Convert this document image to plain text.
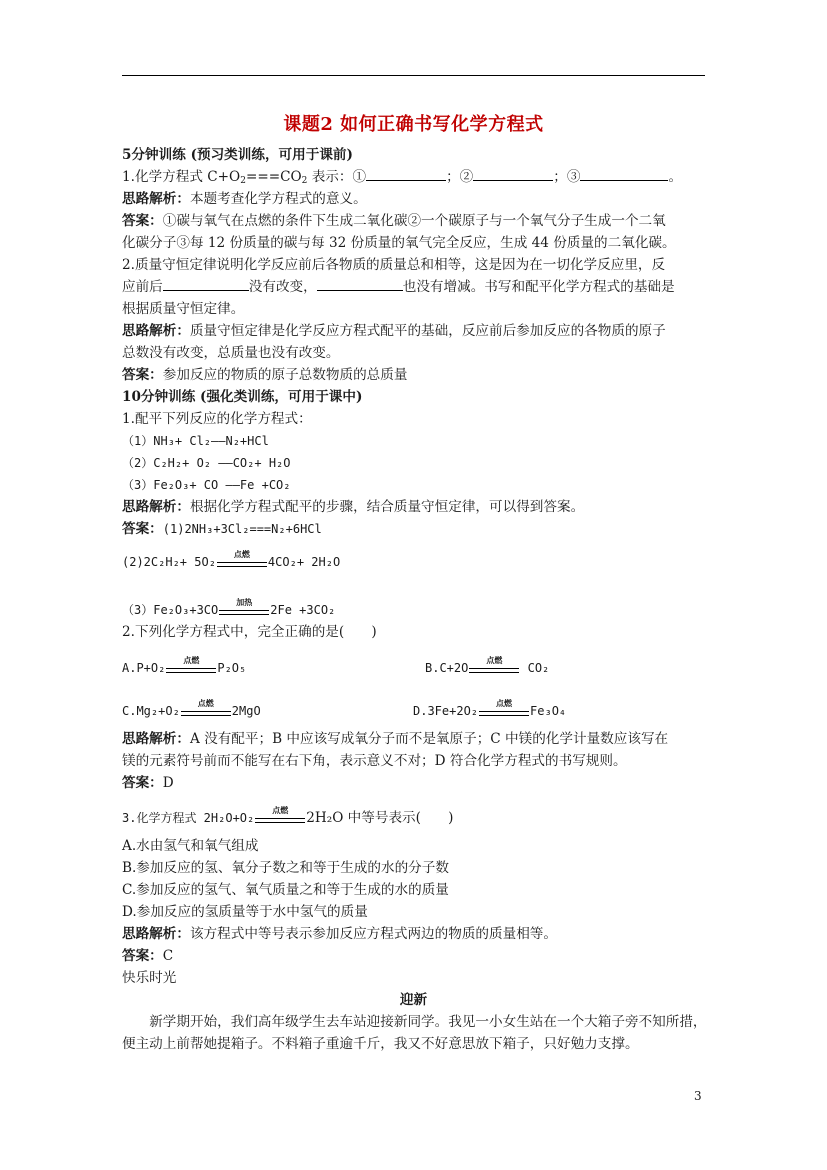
课题2 如何正确书写化学方程式
5分钟训练 (预习类训练，可用于课前)
1.化学方程式 $C+O_2===CO_2$ 表示：①	；②	；③	。
思路解析：本题考查化学方程式的意义。
答案：①碳与氧气在点燃的条件下生成二氧化碳②一个碳原子与一个氧气分子生成一个二氧
化碳分子③每 12 份质量的碳与每 32 份质量的氧气完全反应，生成 44 份质量的二氧化碳。
2.质量守恒定律说明化学反应前后各物质的质量总和相等，这是因为在一切化学反应里，反
应前后	没有改变，	也没有增减。书写和配平化学方程式的基础是
根据质量守恒定律。
思路解析：质量守恒定律是化学反应方程式配平的基础，反应前后参加反应的各物质的原子
总数没有改变，总质量也没有改变。
答案：参加反应的物质的原子总数物质的总质量
10分钟训练 (强化类训练，可用于课中)
1.配平下列反应的化学方程式：
（1）NH₃+ Cl₂——N₂+HCl
（2）C₂H₂+ O₂ ——CO₂+ H₂O
（3）Fe₂O₃+ CO ——Fe +CO₂
思路解析：根据化学方程式配平的步骤，结合质量守恒定律，可以得到答案。
答案：(1)2NH₃+3Cl₂===N₂+6HCl
(2)2C₂H₂+ 5O₂
点燃
4CO₂+ 2H₂O
（3）Fe₂O₃+3CO
加热
2Fe +3CO₂
2.下列化学方程式中，完全正确的是(　　)
A.P+O₂
点燃
P₂O₅	B.C+2O
点燃
CO₂
C.Mg₂+O₂
点燃
2MgO	D.3Fe+2O₂
点燃
Fe₃O₄
思路解析：A 没有配平；B 中应该写成氧分子而不是氧原子；C 中镁的化学计量数应该写在
镁的元素符号前而不能写在右下角，表示意义不对；D 符合化学方程式的书写规则。
答案：D
3.化学方程式 2H₂O+O₂
点燃
2H₂O 中等号表示(　　)
A.水由氢气和氧气组成
B.参加反应的氢、氧分子数之和等于生成的水的分子数
C.参加反应的氢气、氧气质量之和等于生成的水的质量
D.参加反应的氢质量等于水中氢气的质量
思路解析：该方程式中等号表示参加反应方程式两边的物质的质量相等。
答案：C
快乐时光
迎新
新学期开始，我们高年级学生去车站迎接新同学。我见一小女生站在一个大箱子旁不知所措，便主动上前帮她提箱子。不料箱子重逾千斤，我又不好意思放下箱子，只好勉力支撑。
3
